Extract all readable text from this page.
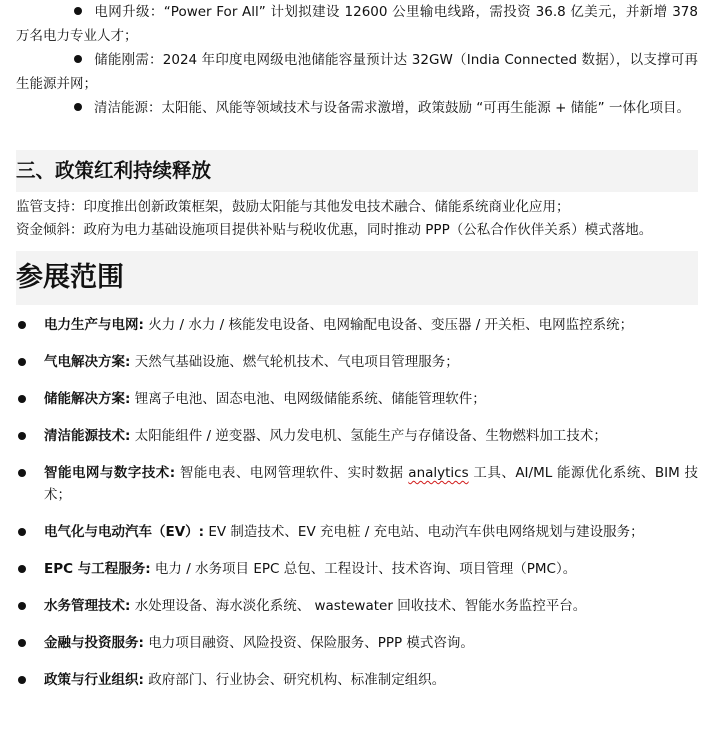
电网升级：“Power For All” 计划拟建设 12600 公里输电线路，需投资 36.8 亿美元，并新增 378 万名电力专业人才；

储能刚需：2024 年印度电网级电池储能容量预计达 32GW（India Connected 数据），以支撑可再生能源并网；

清洁能源：太阳能、风能等领域技术与设备需求激增，政策鼓励 “可再生能源 + 储能” 一体化项目。

三、政策红利持续释放

监管支持：印度推出创新政策框架，鼓励太阳能与其他发电技术融合、储能系统商业化应用；

资金倾斜：政府为电力基础设施项目提供补贴与税收优惠，同时推动 PPP（公私合作伙伴关系）模式落地。

参展范围
电力生产与电网: 火力 / 水力 / 核能发电设备、电网输配电设备、变压器 / 开关柜、电网监控系统；
气电解决方案: 天然气基础设施、燃气轮机技术、气电项目管理服务；
储能解决方案: 锂离子电池、固态电池、电网级储能系统、储能管理软件；
清洁能源技术: 太阳能组件 / 逆变器、风力发电机、氢能生产与存储设备、生物燃料加工技术；
智能电网与数字技术: 智能电表、电网管理软件、实时数据 analytics 工具、AI/ML 能源优化系统、BIM 技术；
电气化与电动汽车（EV）: EV 制造技术、EV 充电桩 / 充电站、电动汽车供电网络规划与建设服务；
EPC 与工程服务: 电力 / 水务项目 EPC 总包、工程设计、技术咨询、项目管理（PMC）。
水务管理技术: 水处理设备、海水淡化系统、 wastewater 回收技术、智能水务监控平台。
金融与投资服务: 电力项目融资、风险投资、保险服务、PPP 模式咨询。
政策与行业组织: 政府部门、行业协会、研究机构、标准制定组织。
